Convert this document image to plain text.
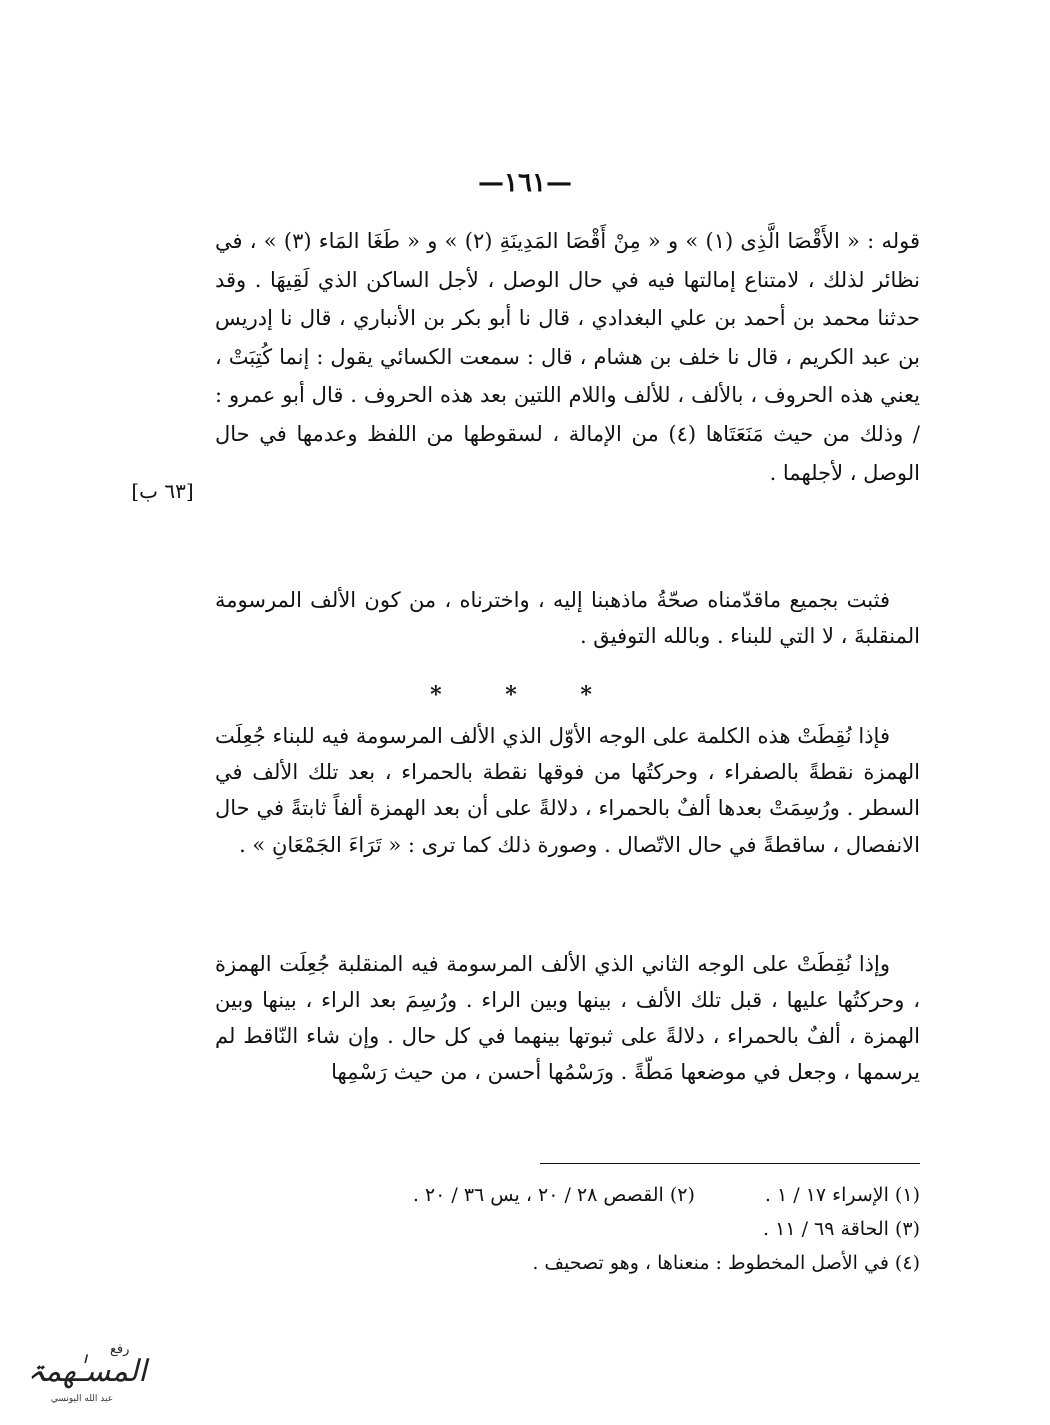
—١٦١—

قوله : « الأَقْصَا الَّذِى (١) » و « مِنْ أَقْصَا المَدِينَةِ (٢) » و « طَغَا المَاء (٣) » ، في نظائر لذلك ، لامتناع إمالتها فيه في حال الوصل ، لأجل الساكن الذي لَقِيهَا . وقد حدثنا محمد بن أحمد بن علي البغدادي ، قال نا أبو بكر بن الأنباري ، قال نا إدريس بن عبد الكريم ، قال نا خلف بن هشام ، قال : سمعت الكسائي يقول : إنما كُتِبَتْ ، يعني هذه الحروف ، بالألف ، للألف واللام اللتين بعد هذه الحروف . قال أبو عمرو : / وذلك من حيث مَنَعَتَاها (٤) من الإمالة ، لسقوطها من اللفظ وعدمها في حال الوصل ، لأجلهما .

[٦٣ ب]

فثبت بجميع ماقدّمناه صحّةُ ماذهبنا إليه ، واخترناه ، من كون الألف المرسومة المنقلبةَ ، لا التي للبناء . وبالله التوفيق .

* * *

فإذا نُقِطَتْ هذه الكلمة على الوجه الأوّل الذي الألف المرسومة فيه للبناء جُعِلَت الهمزة نقطةً بالصفراء ، وحركتُها من فوقها نقطة بالحمراء ، بعد تلك الألف في السطر . ورُسِمَتْ بعدها ألفٌ بالحمراء ، دلالةً على أن بعد الهمزة ألفاً ثابتةً في حال الانفصال ، ساقطةً في حال الاتّصال . وصورة ذلك كما ترى : « تَرَاءَ الجَمْعَانِ » .

وإذا نُقِطَتْ على الوجه الثاني الذي الألف المرسومة فيه المنقلبة جُعِلَت الهمزة ، وحركتُها عليها ، قبل تلك الألف ، بينها وبين الراء . ورُسِمَ بعد الراء ، بينها وبين الهمزة ، ألفٌ بالحمراء ، دلالةً على ثبوتها بينهما في كل حال . وإن شاء النّاقط لم يرسمها ، وجعل في موضعها مَطّةً . ورَسْمُها أحسن ، من حيث رَسْمِها

(١) الإسراء ١٧ / ١ .
(٢) القصص ٢٨ / ٢٠ ، يس ٣٦ / ٢٠ .
(٣) الحاقة ٦٩ / ١١ .
(٤) في الأصل المخطوط : منعناها ، وهو تصحيف .
رفع
المسـٰهمۃ
عبد الله اليونسي
